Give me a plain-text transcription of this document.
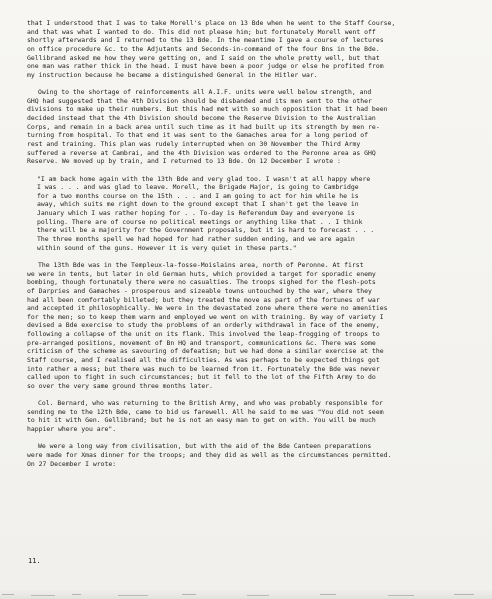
that I understood that I was to take Morell's place on 13 Bde when he went to the Staff Course,
and that was what I wanted to do. This did not please him; but fortunately Morell went off
shortly afterwards and I returned to the 13 Bde. In the meantime I gave a course of lectures
on office procedure &c. to the Adjutants and Seconds-in-command of the four Bns in the Bde.
Gellibrand asked me how they were getting on, and I said on the whole pretty well, but that
one man was rather thick in the head. I must have been a poor judge or else he profited from
my instruction because he became a distinguished General in the Hitler war.
Owing to the shortage of reinforcements all A.I.F. units were well below strength, and
GHQ had suggested that the 4th Division should be disbanded and its men sent to the other
divisions to make up their numbers. But this had met with so much opposition that it had been
decided instead that the 4th Division should become the Reserve Division to the Australian
Corps, and remain in a back area until such time as it had built up its strength by men re-
turning from hospital. To that end it was sent to the Gamaches area for a long period of
rest and training. This plan was rudely interrupted when on 30 November the Third Army
suffered a reverse at Cambrai, and the 4th Division was ordered to the Peronne area as GHQ
Reserve. We moved up by train, and I returned to 13 Bde. On 12 December I wrote :
"I am back home again with the 13th Bde and very glad too. I wasn't at all happy where
I was . . . and was glad to leave. Morell, the Brigade Major, is going to Cambridge
for a two months course on the 15th . . . and I am going to act for him while he is
away, which suits me right down to the ground except that I shan't get the leave in
January which I was rather hoping for . . To-day is Referendum Day and everyone is
polling. There are of course no political meetings or anything like that . . I think
there will be a majority for the Government proposals, but it is hard to forecast . . .
The three months spell we had hoped for had rather sudden ending, and we are again
within sound of the guns. However it is very quiet in these parts."
The 13th Bde was in the Templeux-la-fosse-Moislains area, north of Peronne. At first
we were in tents, but later in old German huts, which provided a target for sporadic enemy
bombing, though fortunately there were no casualties. The troops sighed for the flesh-pots
of Darpries and Gamaches - prosperous and sizeable towns untouched by the war, where they
had all been comfortably billeted; but they treated the move as part of the fortunes of war
and accepted it philosophically. We were in the devastated zone where there were no amenities
for the men; so to keep them warm and employed we went on with training. By way of variety I
devised a Bde exercise to study the problems of an orderly withdrawal in face of the enemy,
following a collapse of the unit on its flank. This involved the leap-frogging of troops to
pre-arranged positions, movement of Bn HQ and transport, communications &c. There was some
criticism of the scheme as savouring of defeatism; but we had done a similar exercise at the
Staff course, and I realised all the difficulties. As was perhaps to be expected things got
into rather a mess; but there was much to be learned from it. Fortunately the Bde was never
called upon to fight in such circumstances; but it fell to the lot of the Fifth Army to do
so over the very same ground three months later.
Col. Bernard, who was returning to the British Army, and who was probably responsible for
sending me to the 12th Bde, came to bid us farewell. All he said to me was "You did not seem
to hit it with Gen. Gellibrand; but he is not an easy man to get on with. You will be much
happier where you are".
We were a long way from civilisation, but with the aid of the Bde Canteen preparations
were made for Xmas dinner for the troops; and they did as well as the circumstances permitted.
On 27 December I wrote:
11.
